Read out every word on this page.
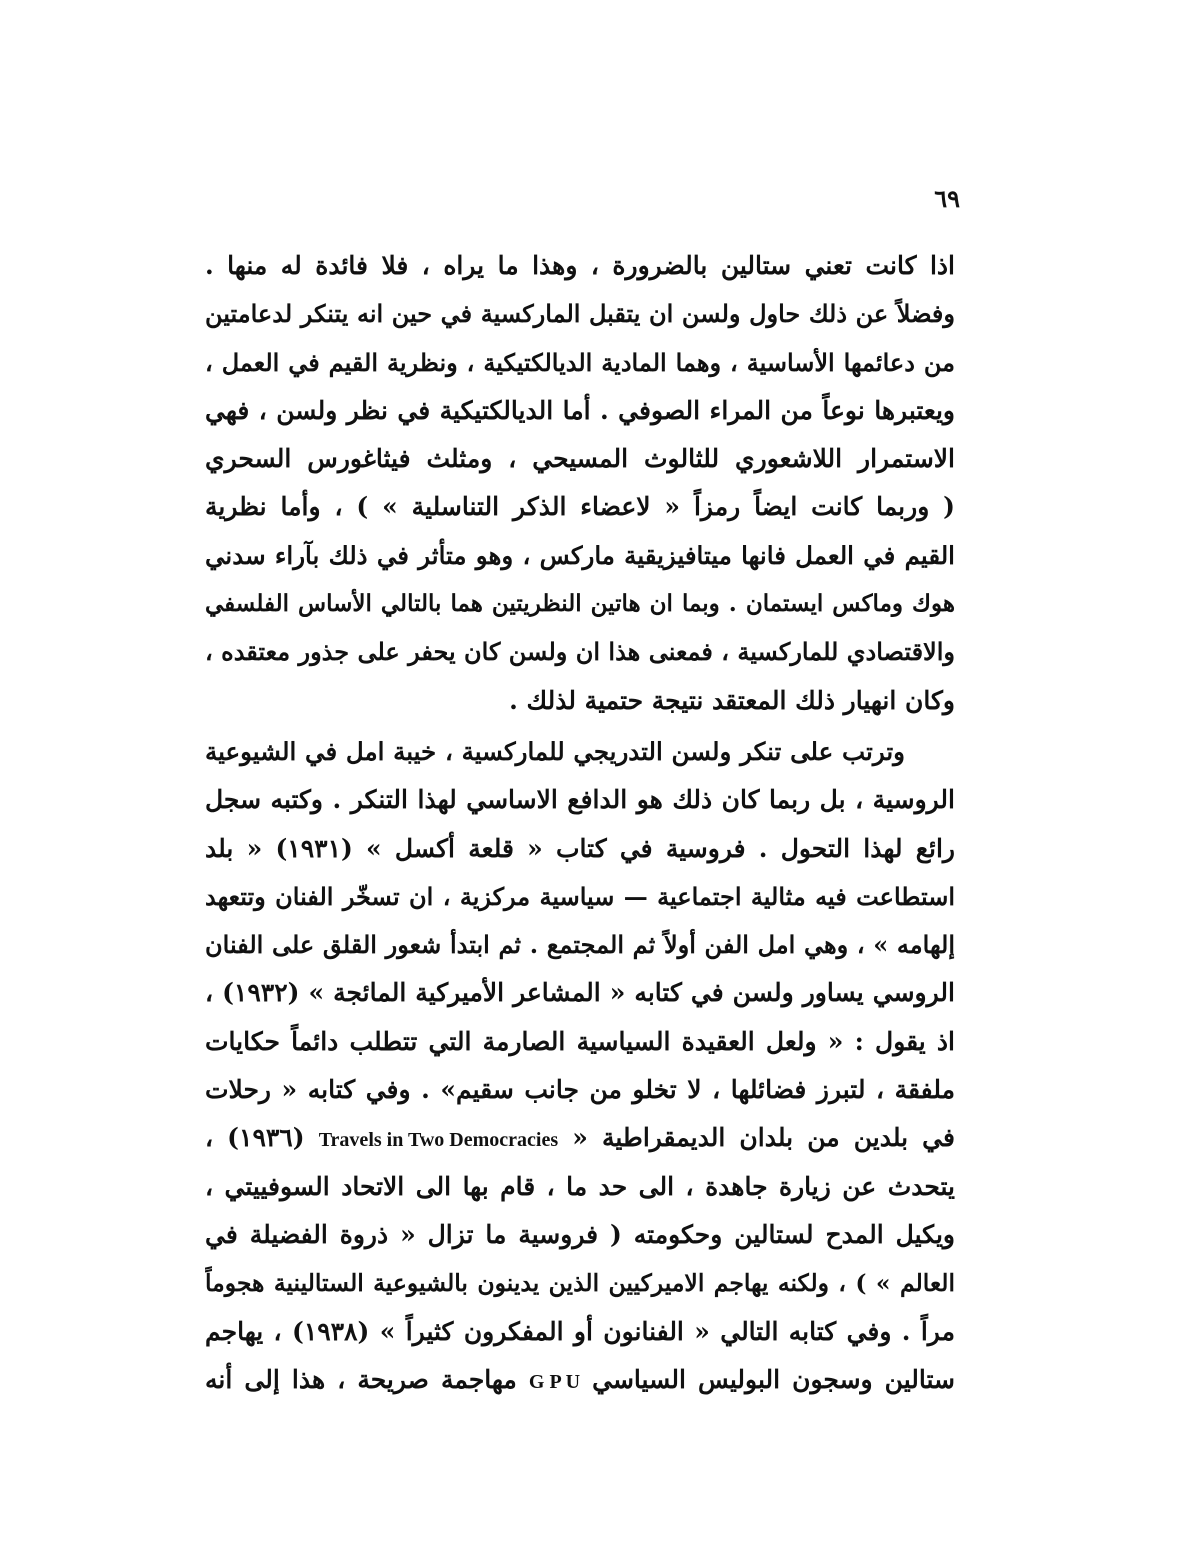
٦٩
اذا كانت تعني ستالين بالضرورة ، وهذا ما يراه ، فلا فائدة له منها .
وفضلاً عن ذلك حاول ولسن ان يتقبل الماركسية في حين انه يتنكر لدعامتين
من دعائمها الأساسية ، وهما المادية الديالكتيكية ، ونظرية القيم في العمل ،
ويعتبرها نوعاً من المراء الصوفي . أما الديالكتيكية في نظر ولسن ، فهي
الاستمرار اللاشعوري للثالوث المسيحي ، ومثلث فيثاغورس السحري
( وربما كانت ايضاً رمزاً « لاعضاء الذكر التناسلية » ) ، وأما نظرية
القيم في العمل فانها ميتافيزيقية ماركس ، وهو متأثر في ذلك بآراء سدني
هوك وماكس ايستمان . وبما ان هاتين النظريتين هما بالتالي الأساس الفلسفي
والاقتصادي للماركسية ، فمعنى هذا ان ولسن كان يحفر على جذور معتقده ،
وكان انهيار ذلك المعتقد نتيجة حتمية لذلك .
وترتب على تنكر ولسن التدريجي للماركسية ، خيبة امل في الشيوعية
الروسية ، بل ربما كان ذلك هو الدافع الاساسي لهذا التنكر . وكتبه سجل
رائع لهذا التحول . فروسية في كتاب « قلعة أكسل » (١٩٣١) « بلد
استطاعت فيه مثالية اجتماعية — سياسية مركزية ، ان تسخّر الفنان وتتعهد
إلهامه » ، وهي امل الفن أولاً ثم المجتمع . ثم ابتدأ شعور القلق على الفنان
الروسي يساور ولسن في كتابه « المشاعر الأميركية المائجة » (١٩٣٢) ،
اذ يقول : « ولعل العقيدة السياسية الصارمة التي تتطلب دائماً حكايات
ملفقة ، لتبرز فضائلها ، لا تخلو من جانب سقيم» . وفي كتابه « رحلات
في بلدين من بلدان الديمقراطية « Travels in Two Democracies (١٩٣٦) ،
يتحدث عن زيارة جاهدة ، الى حد ما ، قام بها الى الاتحاد السوفييتي ،
ويكيل المدح لستالين وحكومته ( فروسية ما تزال « ذروة الفضيلة في
العالم » ) ، ولكنه يهاجم الاميركيين الذين يدينون بالشيوعية الستالينية هجوماً
مراً . وفي كتابه التالي « الفنانون أو المفكرون كثيراً » (١٩٣٨) ، يهاجم
ستالين وسجون البوليس السياسي G P U مهاجمة صريحة ، هذا إلى أنه
